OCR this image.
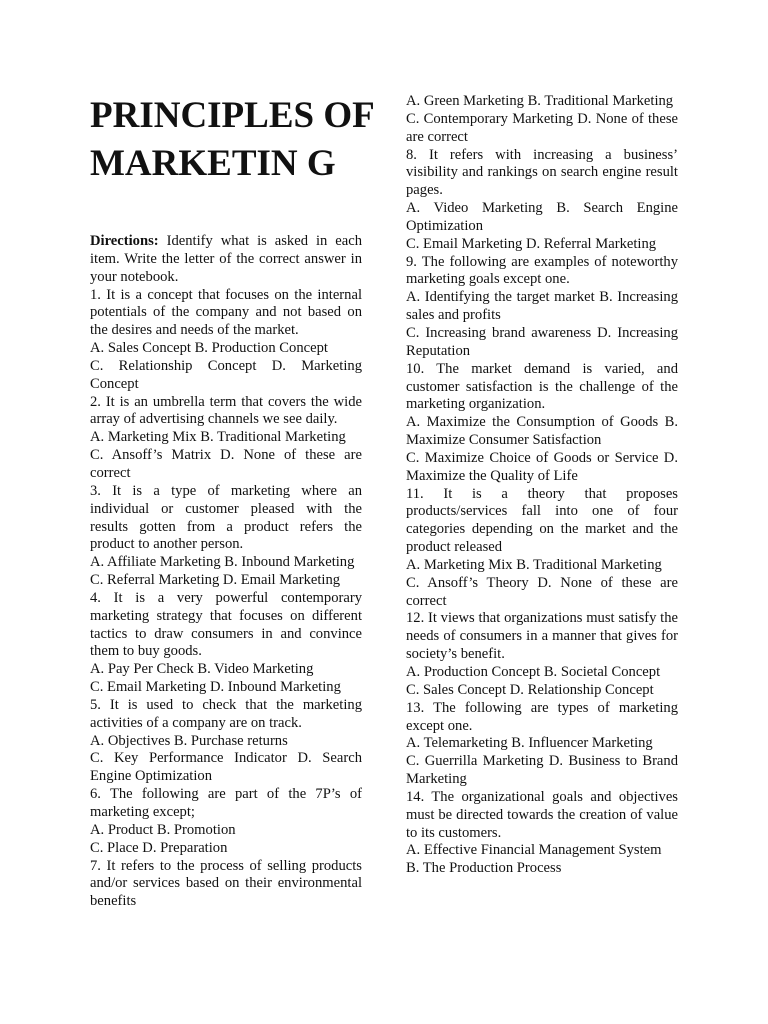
PRINCIPLES OF MARKETIN G

Directions: Identify what is asked in each item. Write the letter of the correct answer in your notebook.

1. It is a concept that focuses on the internal potentials of the company and not based on the desires and needs of the market.

A. Sales Concept B. Production Concept

C. Relationship Concept D. Marketing Concept

2. It is an umbrella term that covers the wide array of advertising channels we see daily.

A. Marketing Mix B. Traditional Marketing

C. Ansoff’s Matrix D. None of these are correct

3. It is a type of marketing where an individual or customer pleased with the results gotten from a product refers the product to another person.

A. Affiliate Marketing B. Inbound Marketing

C. Referral Marketing D. Email Marketing

4. It is a very powerful contemporary marketing strategy that focuses on different tactics to draw consumers in and convince them to buy goods.

A. Pay Per Check B. Video Marketing

C. Email Marketing D. Inbound Marketing

5. It is used to check that the marketing activities of a company are on track.

A. Objectives B. Purchase returns

C. Key Performance Indicator D. Search Engine Optimization

6. The following are part of the 7P’s of marketing except;

A. Product B. Promotion

C. Place D. Preparation

7. It refers to the process of selling products and/or services based on their environmental benefits

A. Green Marketing B. Traditional Marketing

C. Contemporary Marketing D. None of these are correct

8. It refers with increasing a business’ visibility and rankings on search engine result pages.

A. Video Marketing B. Search Engine Optimization

C. Email Marketing D. Referral Marketing

9. The following are examples of noteworthy marketing goals except one.

A. Identifying the target market B. Increasing sales and profits

C. Increasing brand awareness D. Increasing Reputation

10. The market demand is varied, and customer satisfaction is the challenge of the marketing organization.

A. Maximize the Consumption of Goods B. Maximize Consumer Satisfaction

C. Maximize Choice of Goods or Service D. Maximize the Quality of Life

11. It is a theory that proposes products/services fall into one of four categories depending on the market and the product released

A. Marketing Mix B. Traditional Marketing

C. Ansoff’s Theory D. None of these are correct

12. It views that organizations must satisfy the needs of consumers in a manner that gives for society’s benefit.

A. Production Concept B. Societal Concept

C. Sales Concept D. Relationship Concept

13. The following are types of marketing except one.

A. Telemarketing B. Influencer Marketing

C. Guerrilla Marketing D. Business to Brand Marketing

14. The organizational goals and objectives must be directed towards the creation of value to its customers.

A. Effective Financial Management System

B. The Production Process
